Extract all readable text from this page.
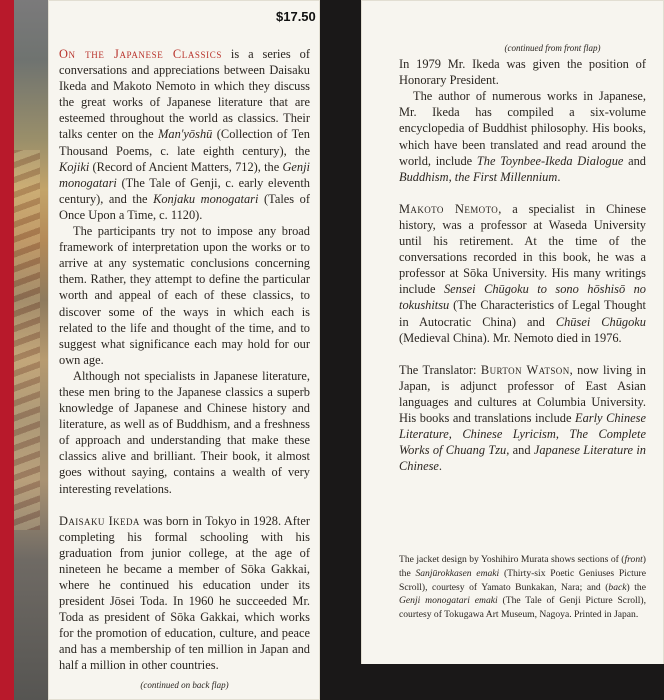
$17.50

On the Japanese Classics is a series of conversations and appreciations between Daisaku Ikeda and Makoto Nemoto in which they discuss the great works of Japanese literature that are esteemed throughout the world as classics. Their talks center on the Man'yōshū (Collection of Ten Thousand Poems, c. late eighth century), the Kojiki (Record of Ancient Matters, 712), the Genji monogatari (The Tale of Genji, c. early eleventh century), and the Konjaku monogatari (Tales of Once Upon a Time, c. 1120).

The participants try not to impose any broad framework of interpretation upon the works or to arrive at any systematic conclusions concerning them. Rather, they attempt to define the particular worth and appeal of each of these classics, to discover some of the ways in which each is related to the life and thought of the time, and to suggest what significance each may hold for our own age.

Although not specialists in Japanese literature, these men bring to the Japanese classics a superb knowledge of Japanese and Chinese history and literature, as well as of Buddhism, and a freshness of approach and understanding that make these classics alive and brilliant. Their book, it almost goes without saying, contains a wealth of very interesting revelations.

Daisaku Ikeda was born in Tokyo in 1928. After completing his formal schooling with his graduation from junior college, at the age of nineteen he became a member of Sōka Gakkai, where he continued his education under its president Jōsei Toda. In 1960 he succeeded Mr. Toda as president of Sōka Gakkai, which works for the promotion of education, culture, and peace and has a membership of ten million in Japan and half a million in other countries.

(continued on back flap)
(continued from front flap)

In 1979 Mr. Ikeda was given the position of Honorary President.

The author of numerous works in Japanese, Mr. Ikeda has compiled a six-volume encyclopedia of Buddhist philosophy. His books, which have been translated and read around the world, include The Toynbee-Ikeda Dialogue and Buddhism, the First Millennium.

Makoto Nemoto, a specialist in Chinese history, was a professor at Waseda University until his retirement. At the time of the conversations recorded in this book, he was a professor at Sōka University. His many writings include Sensei Chūgoku to sono hōshisō no tokushitsu (The Characteristics of Legal Thought in Autocratic China) and Chūsei Chūgoku (Medieval China). Mr. Nemoto died in 1976.

The Translator: Burton Watson, now living in Japan, is adjunct professor of East Asian languages and cultures at Columbia University. His books and translations include Early Chinese Literature, Chinese Lyricism, The Complete Works of Chuang Tzu, and Japanese Literature in Chinese.

The jacket design by Yoshihiro Murata shows sections of (front) the Sanjūrokkasen emaki (Thirty-six Poetic Geniuses Picture Scroll), courtesy of Yamato Bunkakan, Nara; and (back) the Genji monogatari emaki (The Tale of Genji Picture Scroll), courtesy of Tokugawa Art Museum, Nagoya. Printed in Japan.
